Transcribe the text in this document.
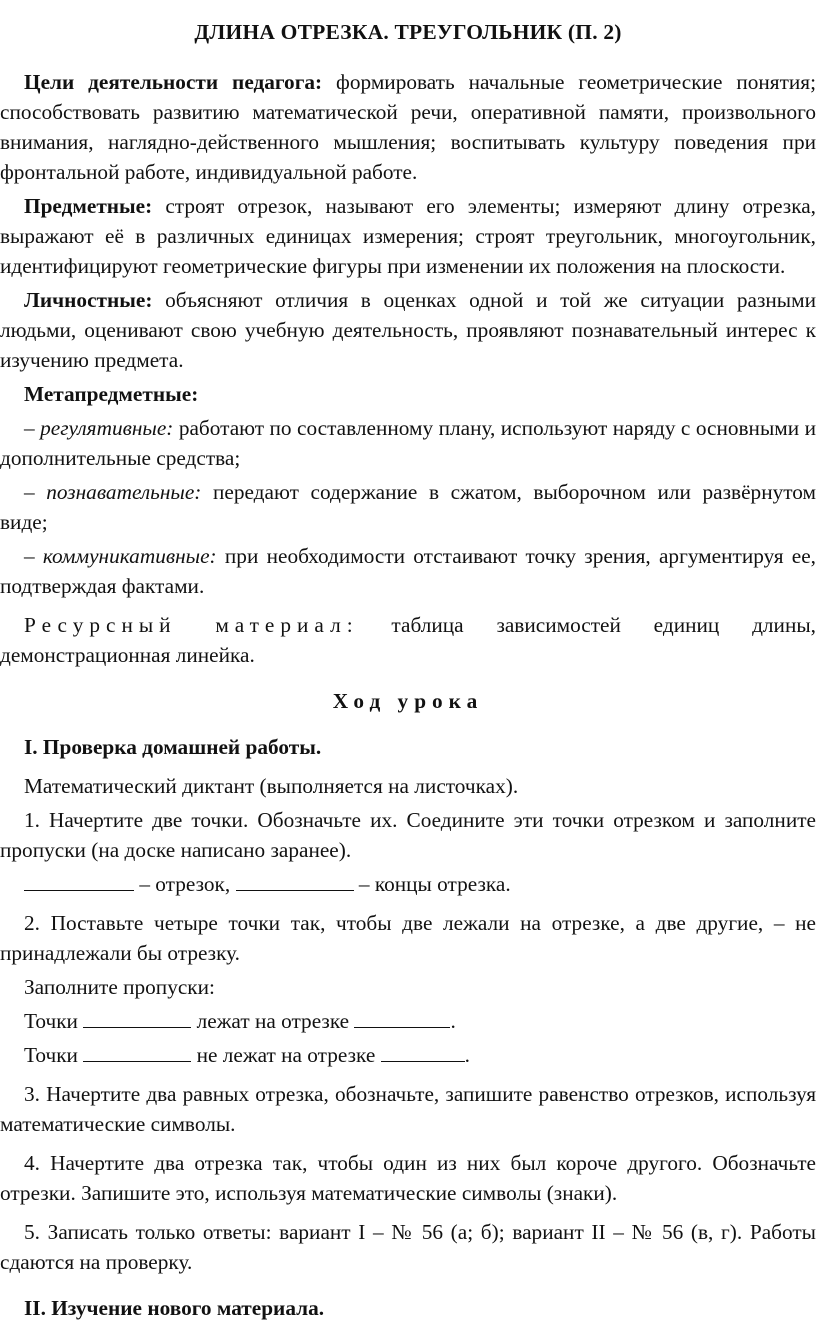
ДЛИНА ОТРЕЗКА. ТРЕУГОЛЬНИК (П. 2)

Цели деятельности педагога: формировать начальные геометрические понятия; способствовать развитию математической речи, оперативной памяти, произвольного внимания, наглядно-действенного мышления; воспитывать культуру поведения при фронтальной работе, индивидуальной работе.

Предметные: строят отрезок, называют его элементы; измеряют длину отрезка, выражают её в различных единицах измерения; строят треугольник, многоугольник, идентифицируют геометрические фигуры при изменении их положения на плоскости.

Личностные: объясняют отличия в оценках одной и той же ситуации разными людьми, оценивают свою учебную деятельность, проявляют познавательный интерес к изучению предмета.

Метапредметные:

– регулятивные: работают по составленному плану, используют наряду с основными и дополнительные средства;

– познавательные: передают содержание в сжатом, выборочном или развёрнутом виде;

– коммуникативные: при необходимости отстаивают точку зрения, аргументируя ее, подтверждая фактами.

Ресурсный материал: таблица зависимостей единиц длины, демонстрационная линейка.

Ход урока

I. Проверка домашней работы.

Математический диктант (выполняется на листочках).

1. Начертите две точки. Обозначьте их. Соедините эти точки отрезком и заполните пропуски (на доске написано заранее).

– отрезок,	– концы отрезка.

2. Поставьте четыре точки так, чтобы две лежали на отрезке, а две другие, – не принадлежали бы отрезку.

Заполните пропуски:

Точки	лежат на отрезке	.

Точки	не лежат на отрезке	.

3. Начертите два равных отрезка, обозначьте, запишите равенство отрезков, используя математические символы.

4. Начертите два отрезка так, чтобы один из них был короче другого. Обозначьте отрезки. Запишите это, используя математические символы (знаки).

5. Записать только ответы: вариант I – № 56 (а; б); вариант II – № 56 (в, г). Работы сдаются на проверку.

II. Изучение нового материала.
